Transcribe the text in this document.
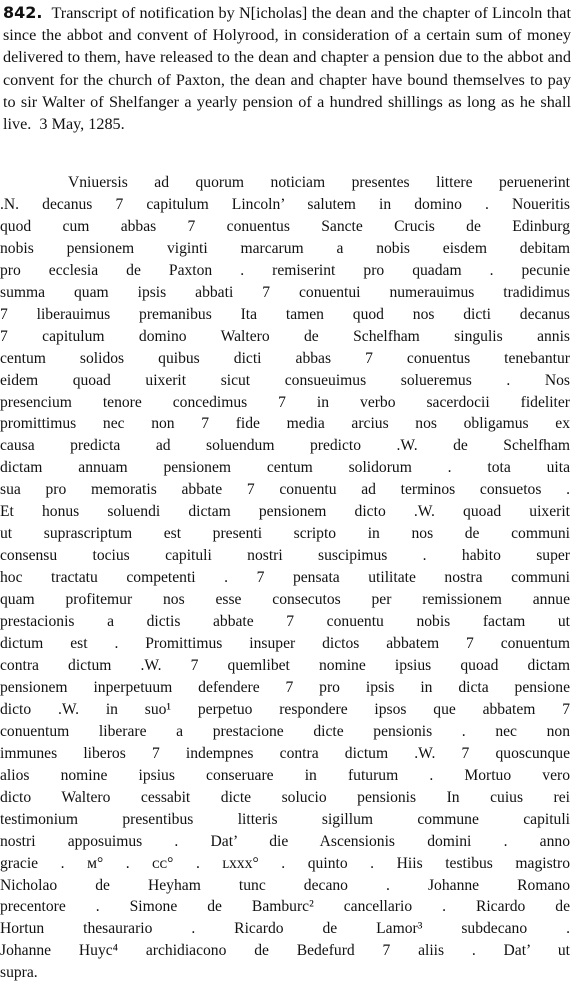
842. Transcript of notification by N[icholas] the dean and the chapter of Lincoln that since the abbot and convent of Holyrood, in consideration of a certain sum of money delivered to them, have released to the dean and chapter a pension due to the abbot and convent for the church of Paxton, the dean and chapter have bound themselves to pay to sir Walter of Shelfanger a yearly pension of a hundred shillings as long as he shall live. 3 May, 1285.

Vniuersis ad quorum noticiam presentes littere peruenerint
.N. decanus 7 capitulum Lincoln’ salutem in domino . Noueritis
quod cum abbas 7 conuentus Sancte Crucis de Edinburg
nobis pensionem viginti marcarum a nobis eisdem debitam
pro ecclesia de Paxton . remiserint pro quadam . pecunie
summa quam ipsis abbati 7 conuentui numerauimus tradidimus
7 liberauimus premanibus Ita tamen quod nos dicti decanus
7 capitulum domino Waltero de Schelfham singulis annis
centum solidos quibus dicti abbas 7 conuentus tenebantur
eidem quoad uixerit sicut consueuimus solueremus . Nos
presencium tenore concedimus 7 in verbo sacerdocii fideliter
promittimus nec non 7 fide media arcius nos obligamus ex
causa predicta ad soluendum predicto .W. de Schelfham
dictam annuam pensionem centum solidorum . tota uita
sua pro memoratis abbate 7 conuentu ad terminos consuetos .
Et honus soluendi dictam pensionem dicto .W. quoad uixerit
ut suprascriptum est presenti scripto in nos de communi
consensu tocius capituli nostri suscipimus . habito super
hoc tractatu competenti . 7 pensata utilitate nostra communi
quam profitemur nos esse consecutos per remissionem annue
prestacionis a dictis abbate 7 conuentu nobis factam ut
dictum est . Promittimus insuper dictos abbatem 7 conuentum
contra dictum .W. 7 quemlibet nomine ipsius quoad dictam
pensionem inperpetuum defendere 7 pro ipsis in dicta pensione
dicto .W. in suo¹ perpetuo respondere ipsos que abbatem 7
conuentum liberare a prestacione dicte pensionis . nec non
immunes liberos 7 indempnes contra dictum .W. 7 quoscunque
alios nomine ipsius conseruare in futurum . Mortuo vero
dicto Waltero cessabit dicte solucio pensionis In cuius rei
testimonium presentibus litteris sigillum commune capituli
nostri apposuimus . Dat’ die Ascensionis domini . anno
gracie . ᴍ° . ᴄᴄ° . ʟxxx° . quinto . Hiis testibus magistro
Nicholao de Heyham tunc decano . Johanne Romano
precentore . Simone de Bamburc² cancellario . Ricardo de
Hortun thesaurario . Ricardo de Lamor³ subdecano .
Johanne Huyc⁴ archidiacono de Bedefurd 7 aliis . Dat’ ut
supra.
